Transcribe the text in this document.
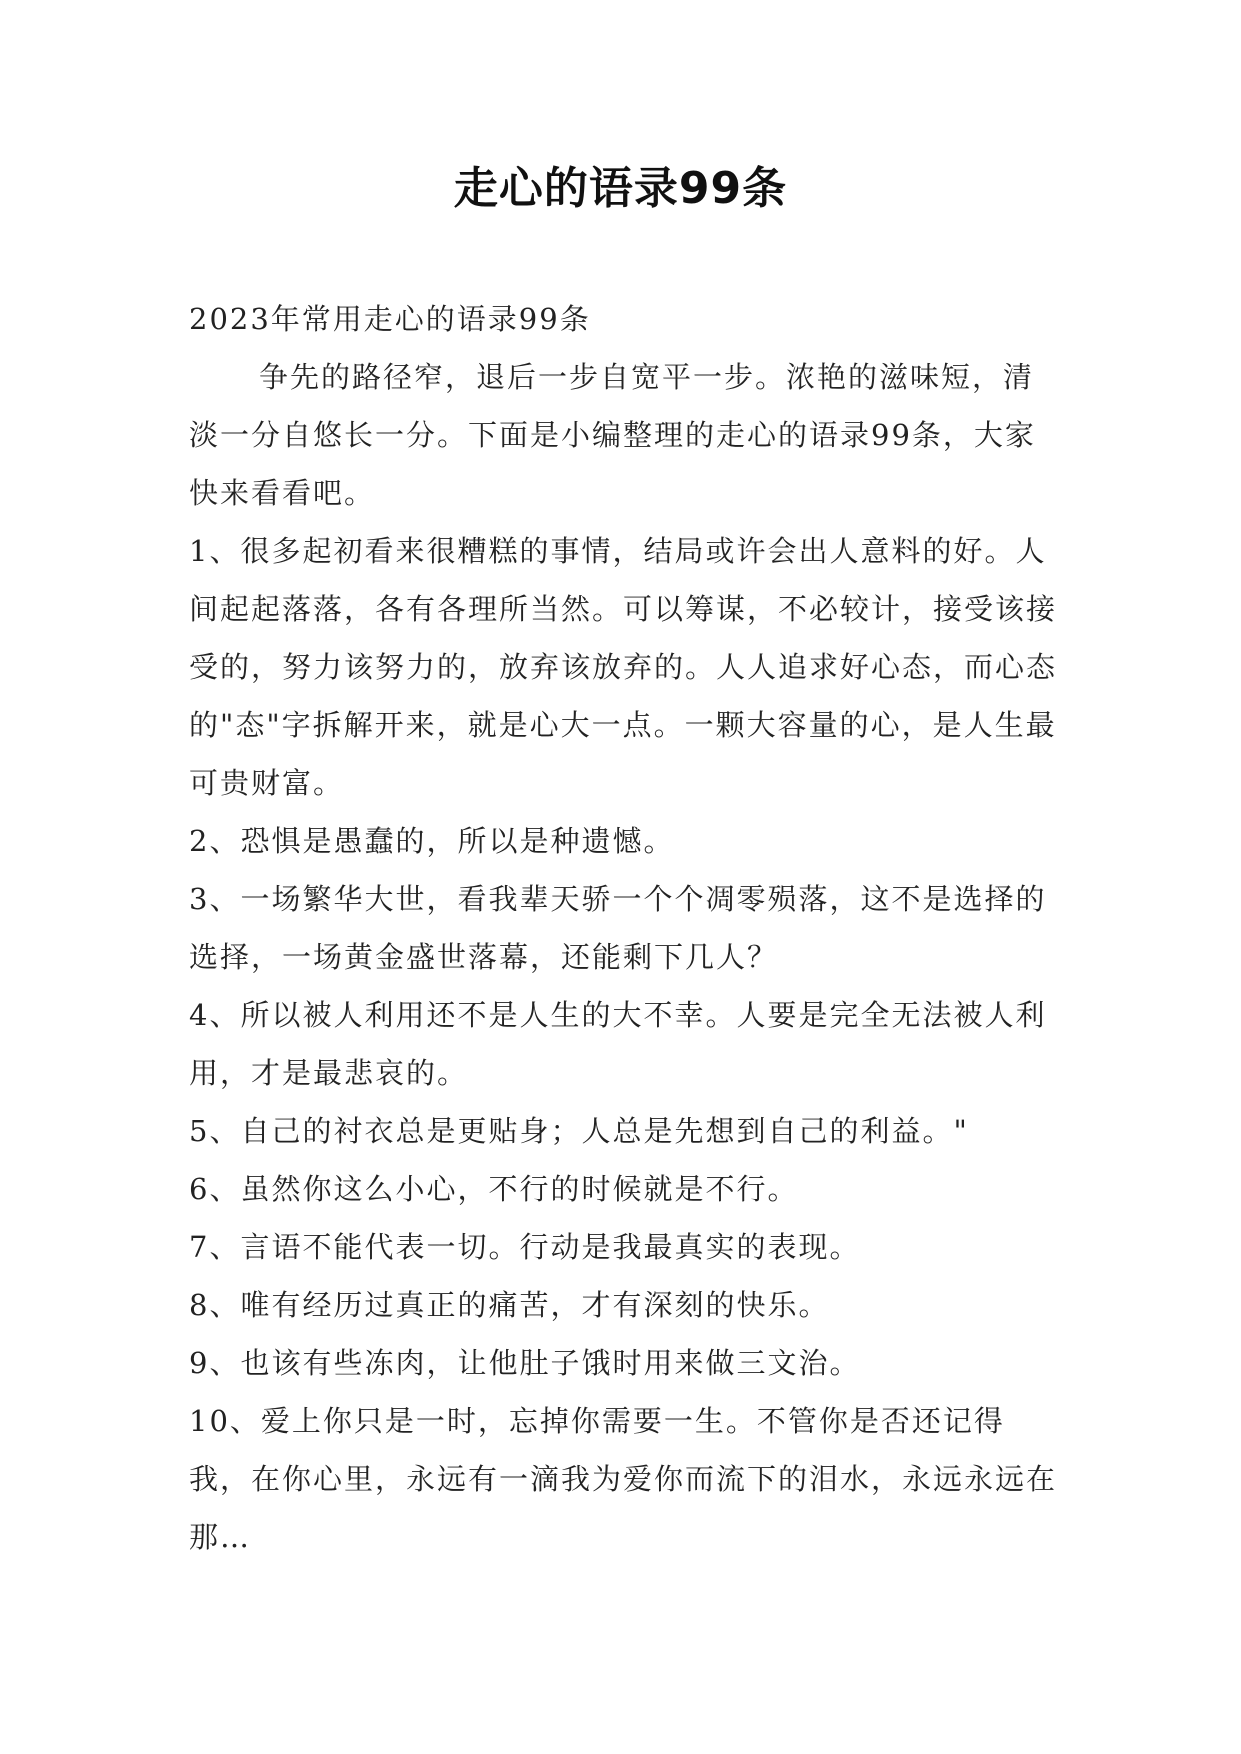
走心的语录99条

2023年常用走心的语录99条

争先的路径窄，退后一步自宽平一步。浓艳的滋味短，清淡一分自悠长一分。下面是小编整理的走心的语录99条，大家快来看看吧。

1、很多起初看来很糟糕的事情，结局或许会出人意料的好。人间起起落落，各有各理所当然。可以筹谋，不必较计，接受该接受的，努力该努力的，放弃该放弃的。人人追求好心态，而心态的"态"字拆解开来，就是心大一点。一颗大容量的心，是人生最可贵财富。
2、恐惧是愚蠢的，所以是种遗憾。
3、一场繁华大世，看我辈天骄一个个凋零殒落，这不是选择的选择，一场黄金盛世落幕，还能剩下几人？
4、所以被人利用还不是人生的大不幸。人要是完全无法被人利用，才是最悲哀的。
5、自己的衬衣总是更贴身；人总是先想到自己的利益。"
6、虽然你这么小心，不行的时候就是不行。
7、言语不能代表一切。行动是我最真实的表现。
8、唯有经历过真正的痛苦，才有深刻的快乐。
9、也该有些冻肉，让他肚子饿时用来做三文治。
10、爱上你只是一时，忘掉你需要一生。不管你是否还记得我，在你心里，永远有一滴我为爱你而流下的泪水，永远永远在那…
